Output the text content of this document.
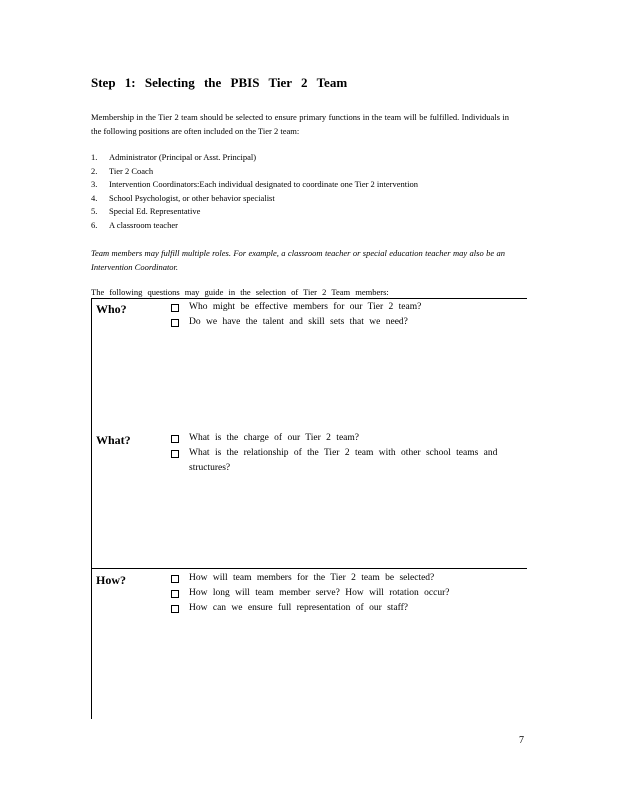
Step 1: Selecting the PBIS Tier 2 Team

Membership in the Tier 2 team should be selected to ensure primary functions in the team will be fulfilled. Individuals in the following positions are often included on the Tier 2 team:

1. Administrator (Principal or Asst. Principal)
2. Tier 2 Coach
3. Intervention Coordinators:Each individual designated to coordinate one Tier 2 intervention
4. School Psychologist, or other behavior specialist
5. Special Ed. Representative
6. A classroom teacher

Team members may fulfill multiple roles. For example, a classroom teacher or special education teacher may also be an Intervention Coordinator.

The following questions may guide in the selection of Tier 2 Team members:
Who?	Who might be effective members for our Tier 2 team?
Do we have the talent and skill sets that we need?
What?	What is the charge of our Tier 2 team?
What is the relationship of the Tier 2 team with other school teams and structures?
How?	How will team members for the Tier 2 team be selected?
How long will team member serve? How will rotation occur?
How can we ensure full representation of our staff?
7
